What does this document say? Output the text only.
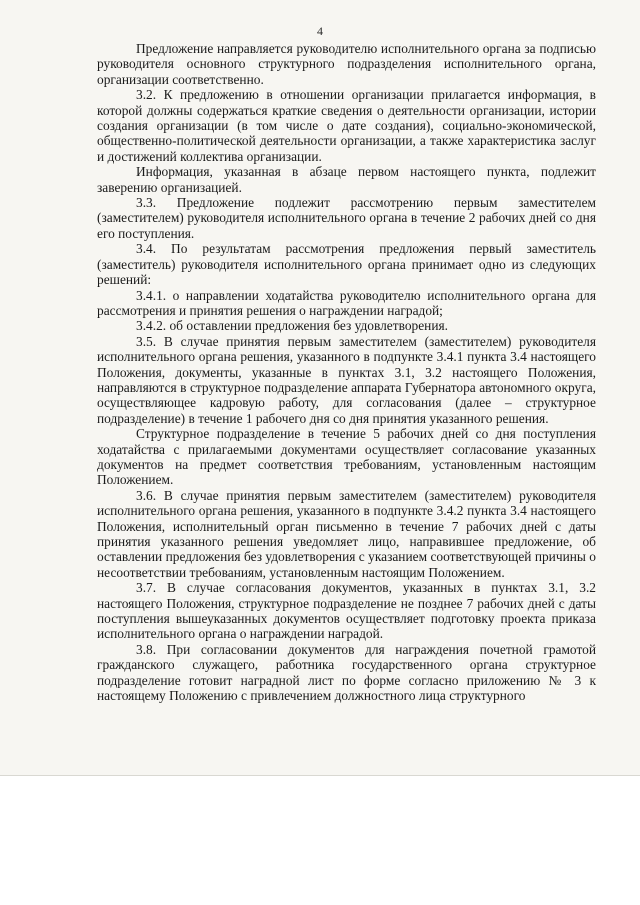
4

Предложение направляется руководителю исполнительного органа за подписью руководителя основного структурного подразделения исполнительного органа, организации соответственно.

3.2. К предложению в отношении организации прилагается информация, в которой должны содержаться краткие сведения о деятельности организации, истории создания организации (в том числе о дате создания), социально-экономической, общественно-политической деятельности организации, а также характеристика заслуг и достижений коллектива организации.

Информация, указанная в абзаце первом настоящего пункта, подлежит заверению организацией.

3.3. Предложение подлежит рассмотрению первым заместителем (заместителем) руководителя исполнительного органа в течение 2 рабочих дней со дня его поступления.

3.4. По результатам рассмотрения предложения первый заместитель (заместитель) руководителя исполнительного органа принимает одно из следующих решений:

3.4.1. о направлении ходатайства руководителю исполнительного органа для рассмотрения и принятия решения о награждении наградой;

3.4.2. об оставлении предложения без удовлетворения.

3.5. В случае принятия первым заместителем (заместителем) руководителя исполнительного органа решения, указанного в подпункте 3.4.1 пункта 3.4 настоящего Положения, документы, указанные в пунктах 3.1, 3.2 настоящего Положения, направляются в структурное подразделение аппарата Губернатора автономного округа, осуществляющее кадровую работу, для согласования (далее – структурное подразделение) в течение 1 рабочего дня со дня принятия указанного решения.

Структурное подразделение в течение 5 рабочих дней со дня поступления ходатайства с прилагаемыми документами осуществляет согласование указанных документов на предмет соответствия требованиям, установленным настоящим Положением.

3.6. В случае принятия первым заместителем (заместителем) руководителя исполнительного органа решения, указанного в подпункте 3.4.2 пункта 3.4 настоящего Положения, исполнительный орган письменно в течение 7 рабочих дней с даты принятия указанного решения уведомляет лицо, направившее предложение, об оставлении предложения без удовлетворения с указанием соответствующей причины о несоответствии требованиям, установленным настоящим Положением.

3.7. В случае согласования документов, указанных в пунктах 3.1, 3.2 настоящего Положения, структурное подразделение не позднее 7 рабочих дней с даты поступления вышеуказанных документов осуществляет подготовку проекта приказа исполнительного органа о награждении наградой.

3.8. При согласовании документов для награждения почетной грамотой гражданского служащего, работника государственного органа структурное подразделение готовит наградной лист по форме согласно приложению № 3 к настоящему Положению с привлечением должностного лица структурного
